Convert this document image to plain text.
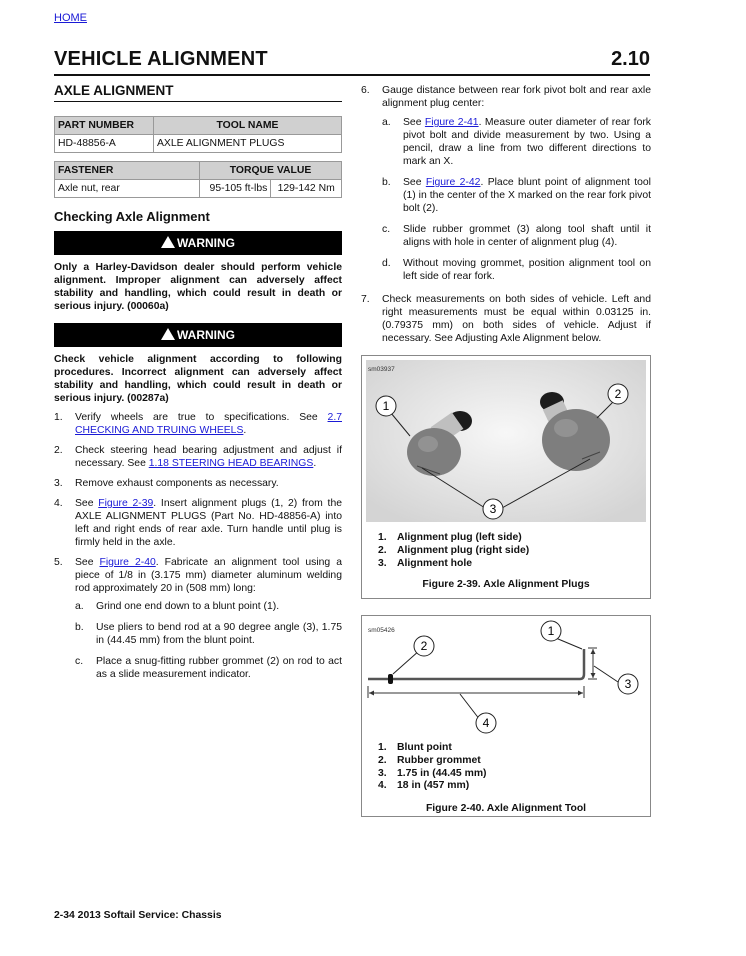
HOME
VEHICLE ALIGNMENT	2.10
AXLE ALIGNMENT
PART NUMBER	TOOL NAME
HD-48856-A	AXLE ALIGNMENT PLUGS
FASTENER	TORQUE VALUE	
Axle nut, rear	95-105 ft-lbs	129-142 Nm
Checking Axle Alignment
WARNING
Only a Harley-Davidson dealer should perform vehicle alignment. Improper alignment can adversely affect stability and handling, which could result in death or serious injury. (00060a)
WARNING
Check vehicle alignment according to following procedures. Incorrect alignment can adversely affect stability and handling, which could result in death or serious injury. (00287a)
1.	Verify wheels are true to specifications. See 2.7 CHECKING AND TRUING WHEELS.
2.	Check steering head bearing adjustment and adjust if necessary. See 1.18 STEERING HEAD BEARINGS.
3.	Remove exhaust components as necessary.
4.	See Figure 2-39. Insert alignment plugs (1, 2) from the AXLE ALIGNMENT PLUGS (Part No. HD-48856-A) into left and right ends of rear axle. Turn handle until plug is firmly held in the axle.
5.	See Figure 2-40. Fabricate an alignment tool using a piece of 1/8 in (3.175 mm) diameter aluminum welding rod approximately 20 in (508 mm) long:
a.	Grind one end down to a blunt point (1).
b.	Use pliers to bend rod at a 90 degree angle (3), 1.75 in (44.45 mm) from the blunt point.
c.	Place a snug-fitting rubber grommet (2) on rod to act as a slide measurement indicator.
6.	Gauge distance between rear fork pivot bolt and rear axle alignment plug center:
a.	See Figure 2-41. Measure outer diameter of rear fork pivot bolt and divide measurement by two. Using a pencil, draw a line from two different directions to mark an X.
b.	See Figure 2-42. Place blunt point of alignment tool (1) in the center of the X marked on the rear fork pivot bolt (2).
c.	Slide rubber grommet (3) along tool shaft until it aligns with hole in center of alignment plug (4).
d.	Without moving grommet, position alignment tool on left side of rear fork.
7.	Check measurements on both sides of vehicle. Left and right measurements must be equal within 0.03125 in. (0.79375 mm) on both sides of vehicle. Adjust if necessary. See Adjusting Axle Alignment below.
sm03937
1
2
3
1. Alignment plug (left side)
2. Alignment plug (right side)
3. Alignment hole
Figure 2-39. Axle Alignment Plugs
sm05426	1
2
3
4
1. Blunt point
2. Rubber grommet
3. 1.75 in (44.45 mm)
4. 18 in (457 mm)
Figure 2-40. Axle Alignment Tool
2-34 2013 Softail Service: Chassis
